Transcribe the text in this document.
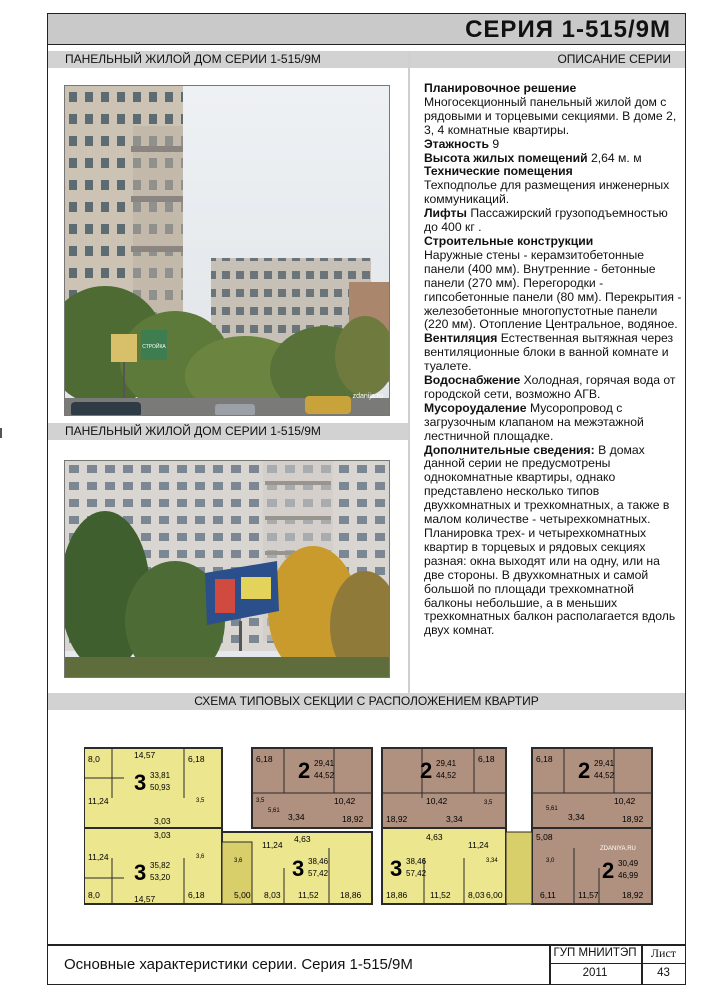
СЕРИЯ 1-515/9М
ПАНЕЛЬНЫЙ ЖИЛОЙ ДОМ СЕРИИ 1-515/9М	ОПИСАНИЕ СЕРИИ
ПАНЕЛЬНЫЙ ЖИЛОЙ ДОМ СЕРИИ 1-515/9М
СХЕМА ТИПОВЫХ СЕКЦИИ С РАСПОЛОЖЕНИЕМ КВАРТИР
СТРОЙКА
zdanija.ru
Планировочное решение
Многосекционный панельный жилой дом с рядовыми и торцевыми секциями. В доме 2, 3, 4 комнатные квартиры.
Этажность 9
Высота жилых помещений 2,64 м. м
Технические помещения
Техподполье для размещения инженерных коммуникаций.
Лифты Пассажирский грузоподъемностью до 400 кг .
Строительные конструкции
Наружные стены - керамзитобетонные панели (400 мм). Внутренние - бетонные панели (270 мм). Перегородки - гипсобетонные панели (80 мм). Перекрытия - железобетонные многопустотные панели (220 мм). Отопление Центральное, водяное.
Вентиляция Естественная вытяжная через вентиляционные блоки в ванной комнате и туалете.
Водоснабжение Холодная, горячая вода от городской сети, возможно АГВ.
Мусороудаление Мусоропровод с загрузочным клапаном на межэтажной лестничной площадке.
Дополнительные сведения: В домах данной серии не предусмотрены однокомнатные квартиры, однако представлено несколько типов двухкомнатных и трехкомнатных, а также в малом количестве - четырехкомнатных. Планировка трех- и четырехкомнатных квартир в торцевых и рядовых секциях разная: окна выходят или на одну, или на две стороны. В двухкомнатных и самой большой по площади трехкомнатной балконы небольшие, а в меньших трехкомнатных балкон располагается вдоль двух комнат.
8,0	14,57	6,18
11,24
3,03
3,5
3 33,81
50,93
8,0	14,57	6,18
11,24
3,03
3,6
3 35,82
53,20
6,18
10,42
3,34	18,92
3,5
5,61
2 29,41
44,52
4,63
11,24
5,00 8,03 11,52	18,86
3,6 3 38,46
57,42
18,92
6,18
10,42
3,34
3,5
2 29,41
44,52
4,63
11,24
18,86	11,52 8,03 6,00
3,34
3 38,46
57,42
6,18
10,42
3,34	18,92
5,61
2 29,41
44,52
5,08
6,11	11,57	18,92
3,0 2 30,49
46,99
ZDANIYA.RU
Основные характеристики серии. Серия 1-515/9М
ГУП МНИИТЭП
2011
Лист
43
